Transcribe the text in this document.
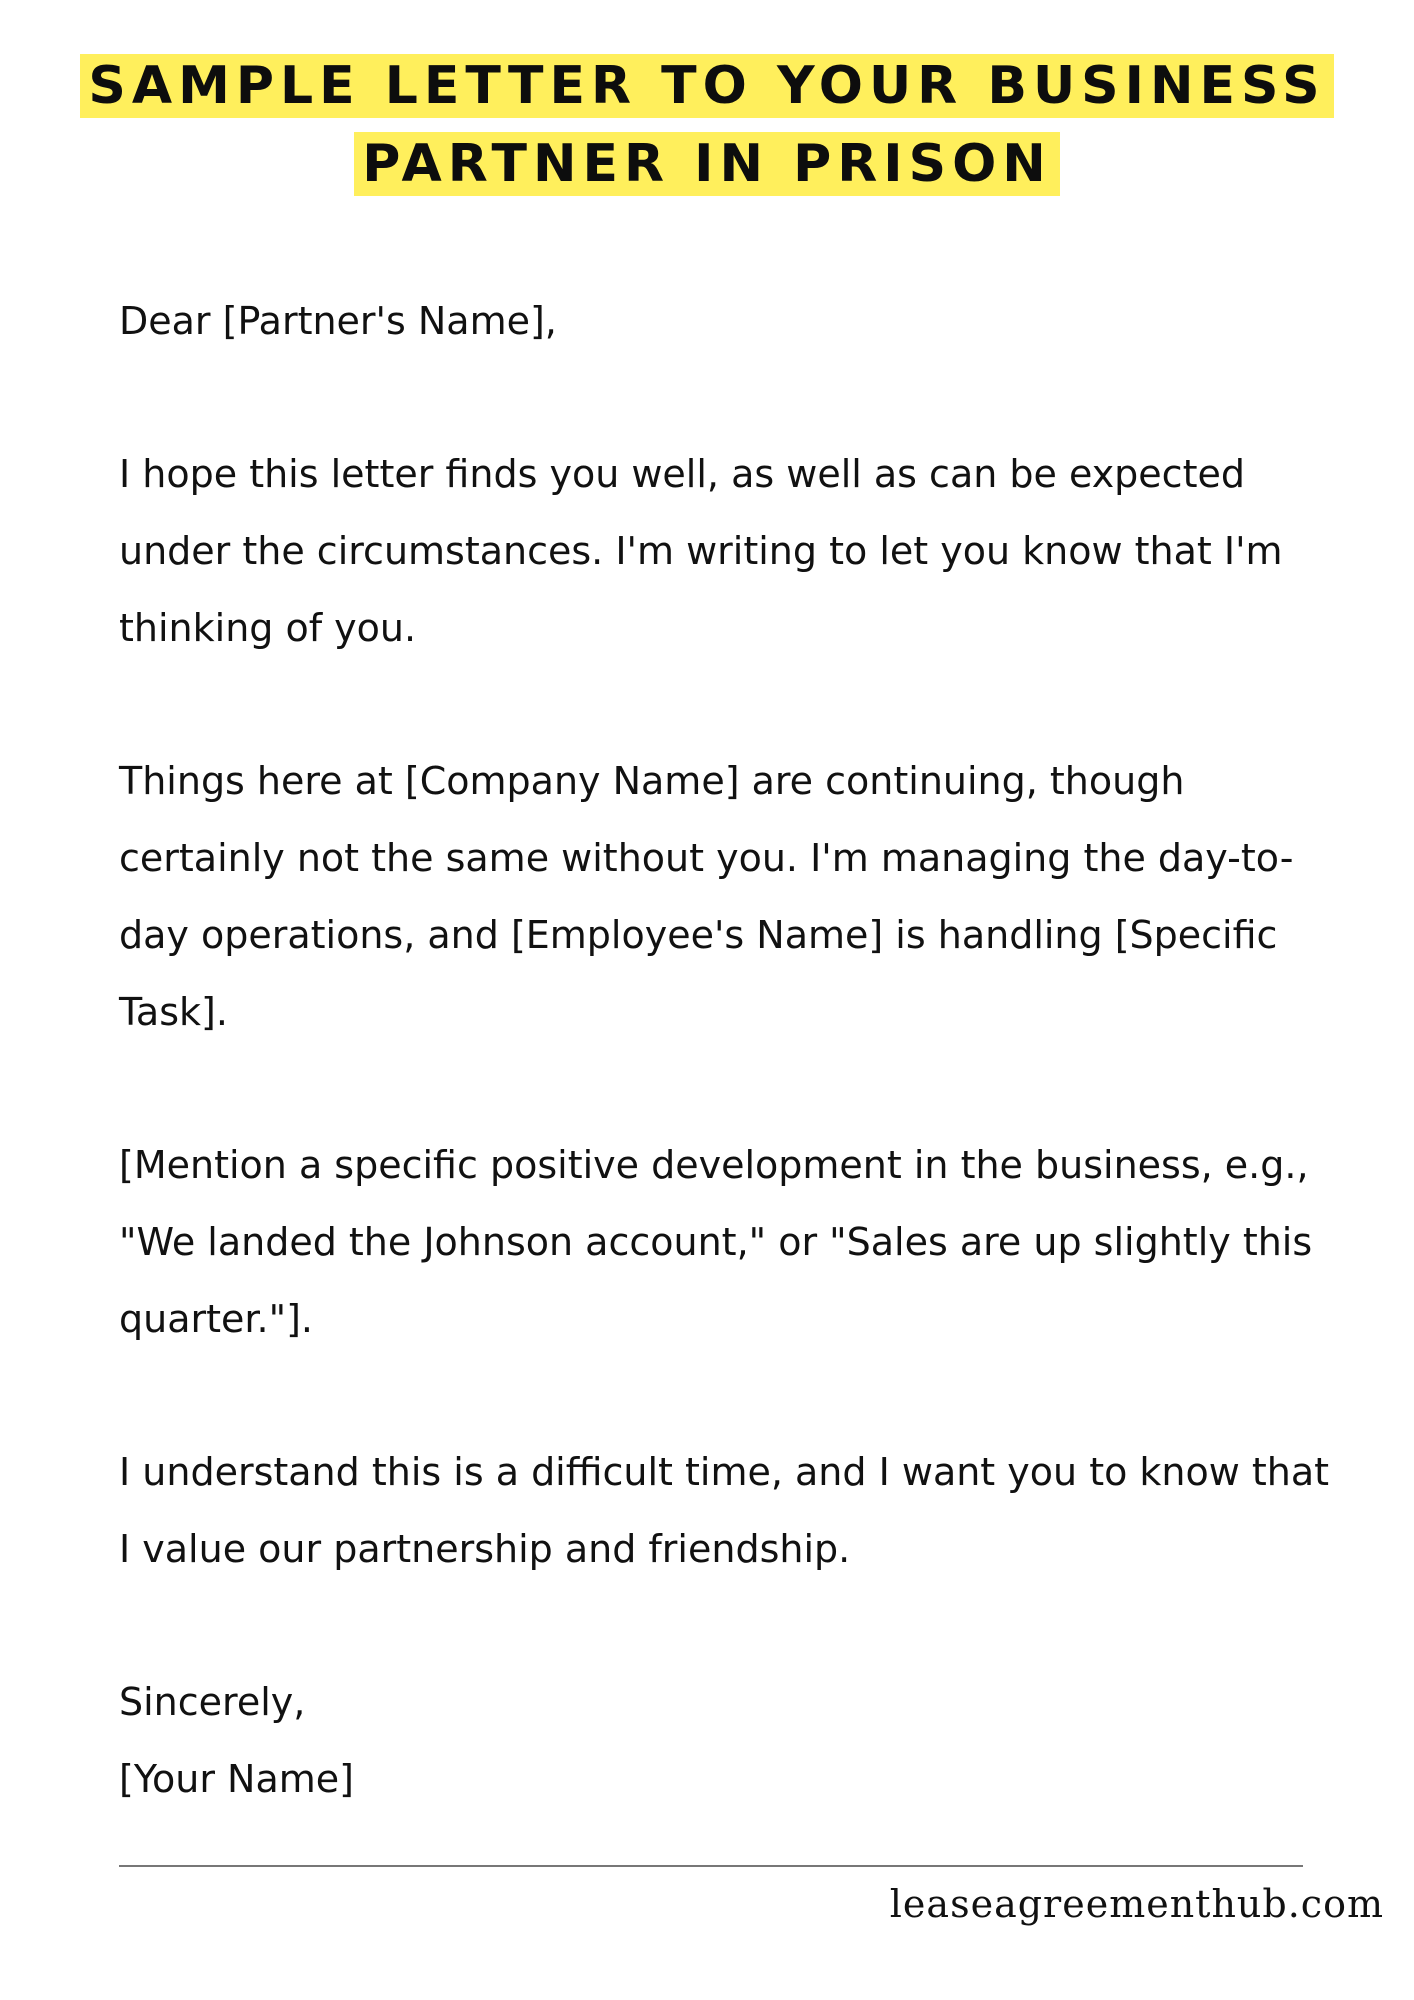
SAMPLE LETTER TO YOUR BUSINESS
PARTNER IN PRISON

Dear [Partner's Name],

I hope this letter finds you well, as well as can be expected under the circumstances. I'm writing to let you know that I'm thinking of you.

Things here at [Company Name] are continuing, though certainly not the same without you. I'm managing the day-to-day operations, and [Employee's Name] is handling [Specific Task].

[Mention a specific positive development in the business, e.g., "We landed the Johnson account," or "Sales are up slightly this quarter."].

I understand this is a difficult time, and I want you to know that I value our partnership and friendship.

Sincerely,

[Your Name]

leaseagreementhub.com
